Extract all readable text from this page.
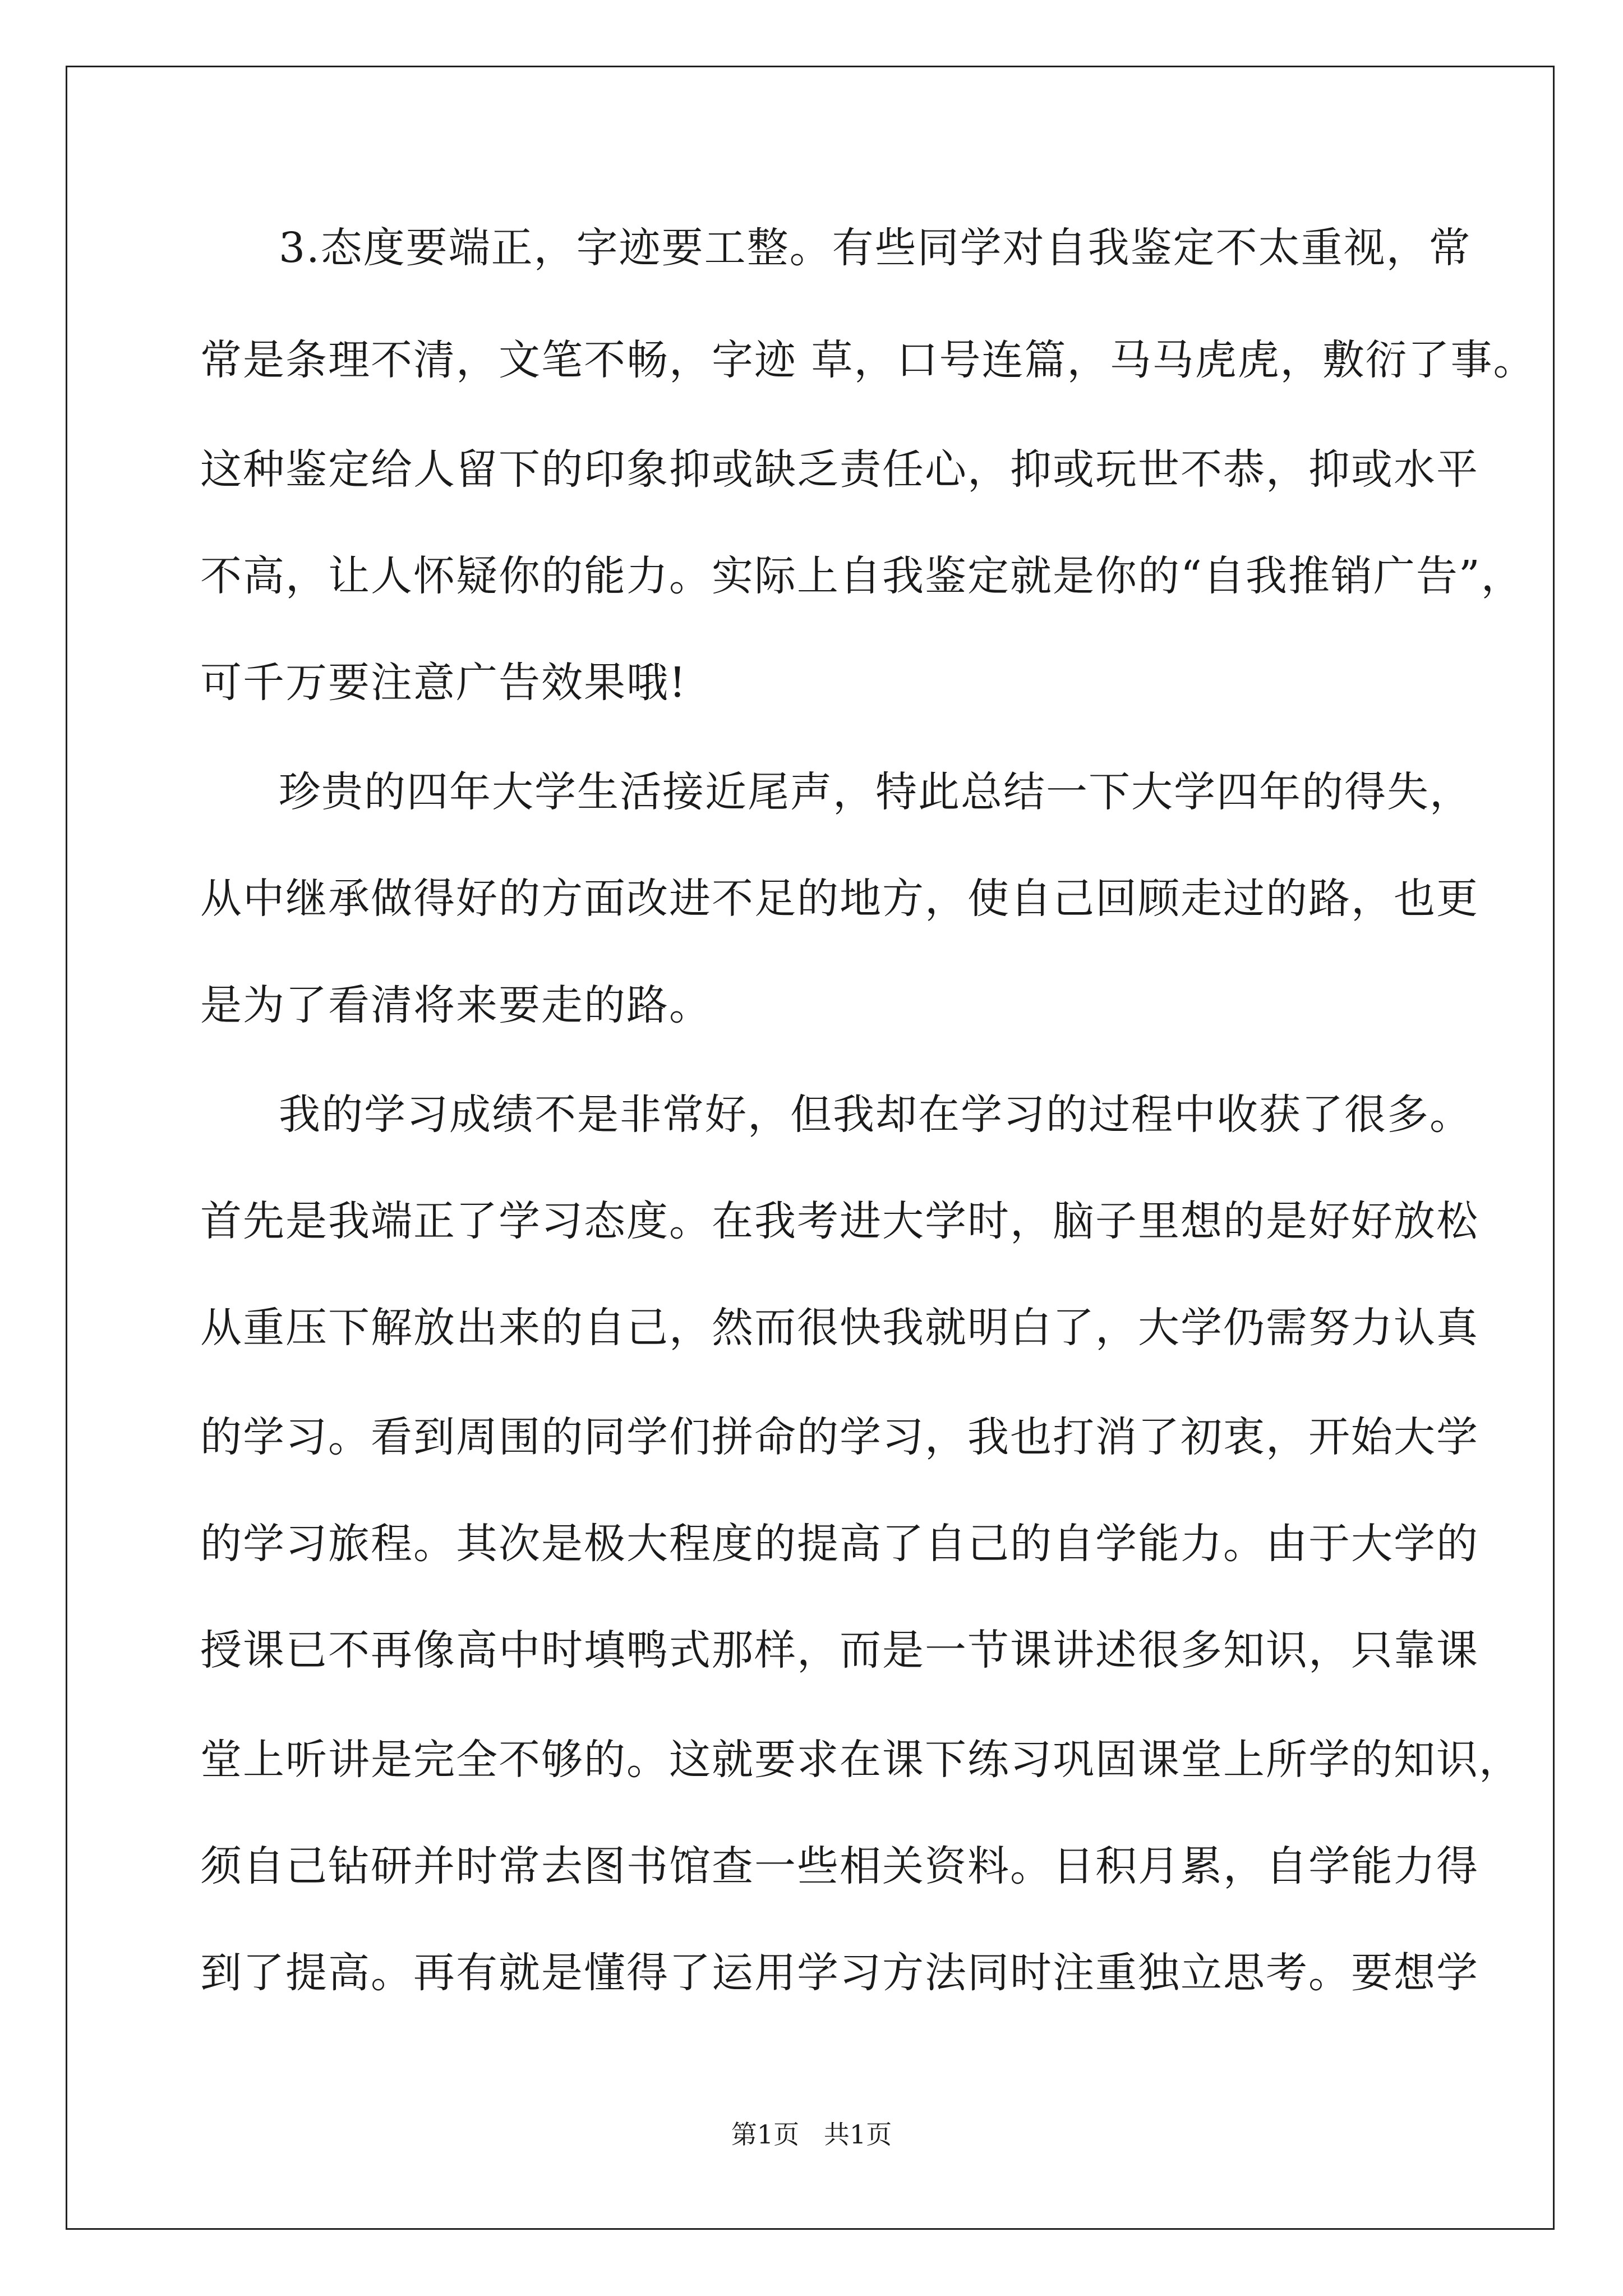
3.态度要端正，字迹要工整。有些同学对自我鉴定不太重视，常
常是条理不清，文笔不畅，字迹 草，口号连篇，马马虎虎，敷衍了事。
这种鉴定给人留下的印象抑或缺乏责任心，抑或玩世不恭，抑或水平
不高，让人怀疑你的能力。实际上自我鉴定就是你的“自我推销广告”，
可千万要注意广告效果哦!
珍贵的四年大学生活接近尾声，特此总结一下大学四年的得失，
从中继承做得好的方面改进不足的地方，使自己回顾走过的路，也更
是为了看清将来要走的路。
我的学习成绩不是非常好，但我却在学习的过程中收获了很多。
首先是我端正了学习态度。在我考进大学时，脑子里想的是好好放松
从重压下解放出来的自己，然而很快我就明白了，大学仍需努力认真
的学习。看到周围的同学们拼命的学习，我也打消了初衷，开始大学
的学习旅程。其次是极大程度的提高了自己的自学能力。由于大学的
授课已不再像高中时填鸭式那样，而是一节课讲述很多知识，只靠课
堂上听讲是完全不够的。这就要求在课下练习巩固课堂上所学的知识，
须自己钻研并时常去图书馆查一些相关资料。日积月累，自学能力得
到了提高。再有就是懂得了运用学习方法同时注重独立思考。要想学
第1页   共1页
